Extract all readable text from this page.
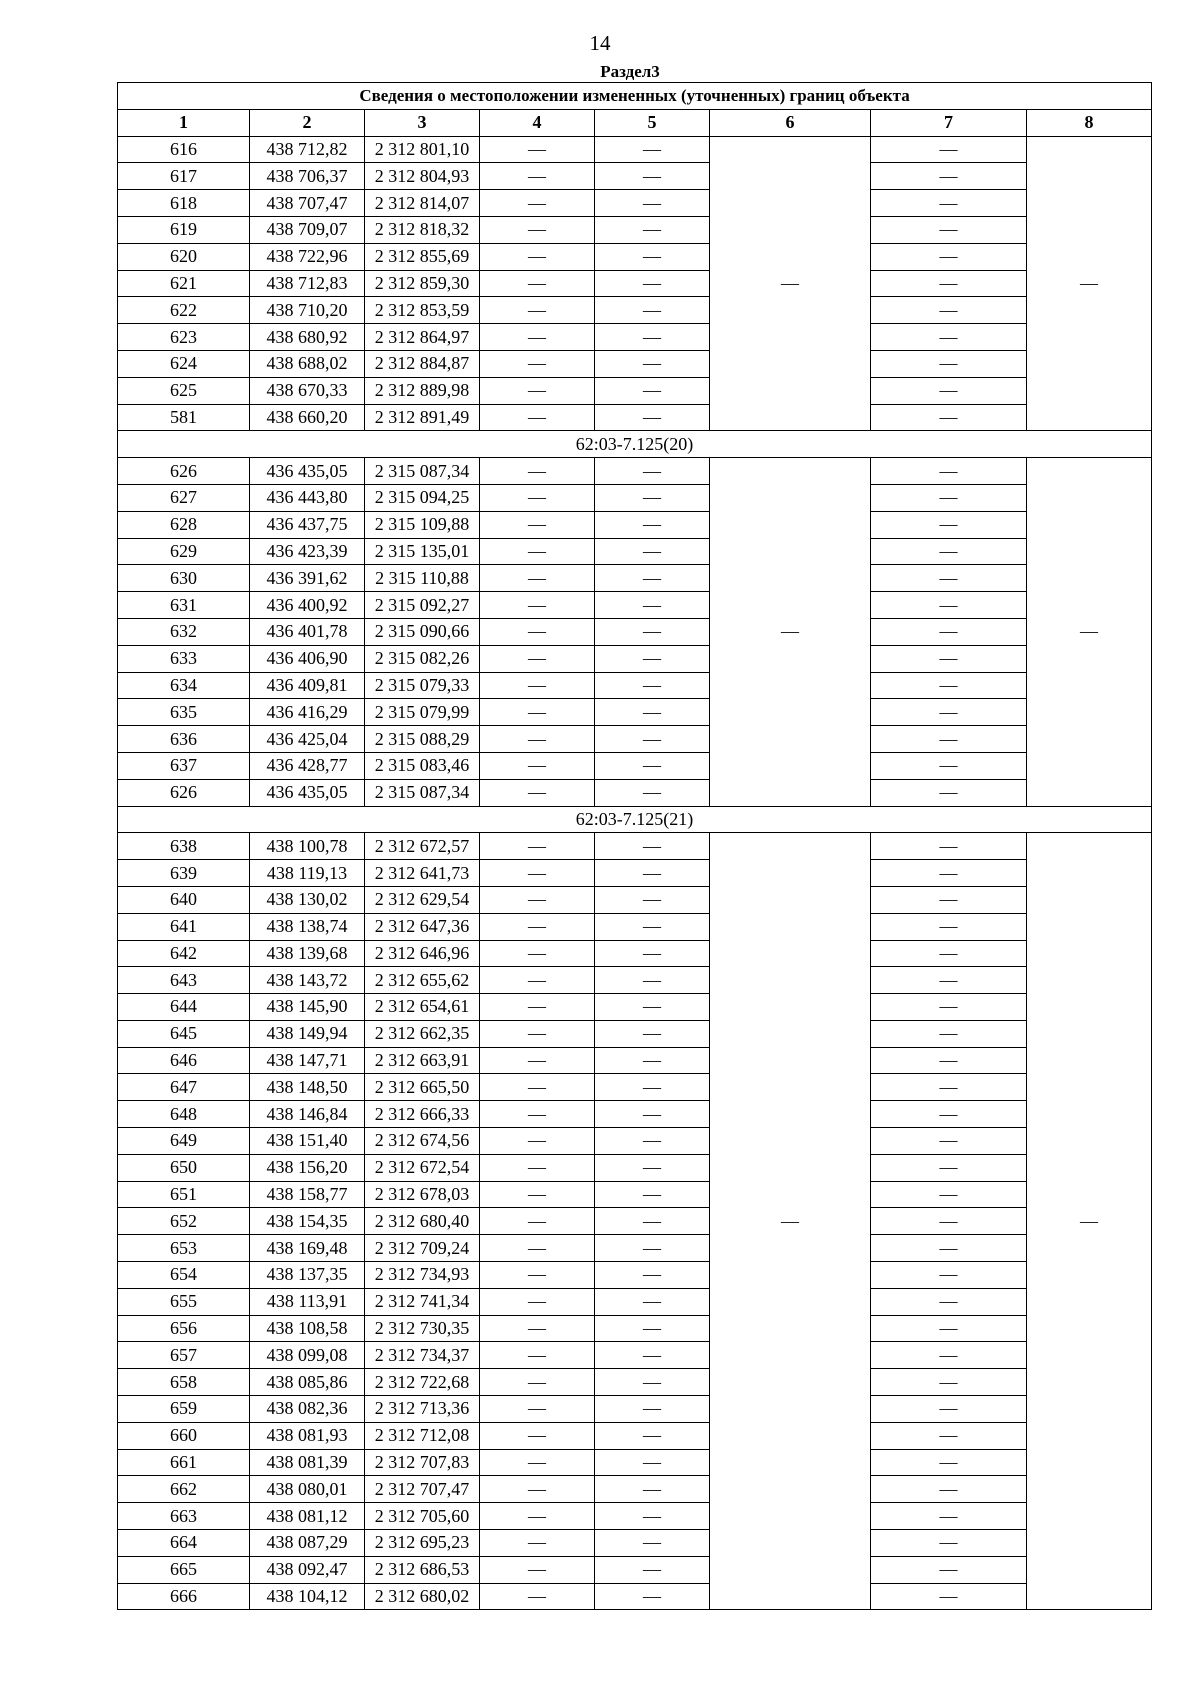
14
Раздел3
Сведения о местоположении измененных (уточненных) границ объекта							
1	2	3	4	5	6	7	8
616	438 712,82	2 312 801,10	—	—	—	—	—
617	438 706,37	2 312 804,93	—	—		—	
618	438 707,47	2 312 814,07	—	—		—	
619	438 709,07	2 312 818,32	—	—		—	
620	438 722,96	2 312 855,69	—	—		—	
621	438 712,83	2 312 859,30	—	—		—	
622	438 710,20	2 312 853,59	—	—		—	
623	438 680,92	2 312 864,97	—	—		—	
624	438 688,02	2 312 884,87	—	—		—	
625	438 670,33	2 312 889,98	—	—		—	
581	438 660,20	2 312 891,49	—	—		—	
62:03-7.125(20)							
626	436 435,05	2 315 087,34	—	—	—	—	—
627	436 443,80	2 315 094,25	—	—		—	
628	436 437,75	2 315 109,88	—	—		—	
629	436 423,39	2 315 135,01	—	—		—	
630	436 391,62	2 315 110,88	—	—		—	
631	436 400,92	2 315 092,27	—	—		—	
632	436 401,78	2 315 090,66	—	—		—	
633	436 406,90	2 315 082,26	—	—		—	
634	436 409,81	2 315 079,33	—	—		—	
635	436 416,29	2 315 079,99	—	—		—	
636	436 425,04	2 315 088,29	—	—		—	
637	436 428,77	2 315 083,46	—	—		—	
626	436 435,05	2 315 087,34	—	—		—	
62:03-7.125(21)							
638	438 100,78	2 312 672,57	—	—	—	—	—
639	438 119,13	2 312 641,73	—	—		—	
640	438 130,02	2 312 629,54	—	—		—	
641	438 138,74	2 312 647,36	—	—		—	
642	438 139,68	2 312 646,96	—	—		—	
643	438 143,72	2 312 655,62	—	—		—	
644	438 145,90	2 312 654,61	—	—		—	
645	438 149,94	2 312 662,35	—	—		—	
646	438 147,71	2 312 663,91	—	—		—	
647	438 148,50	2 312 665,50	—	—		—	
648	438 146,84	2 312 666,33	—	—		—	
649	438 151,40	2 312 674,56	—	—		—	
650	438 156,20	2 312 672,54	—	—		—	
651	438 158,77	2 312 678,03	—	—		—	
652	438 154,35	2 312 680,40	—	—		—	
653	438 169,48	2 312 709,24	—	—		—	
654	438 137,35	2 312 734,93	—	—		—	
655	438 113,91	2 312 741,34	—	—		—	
656	438 108,58	2 312 730,35	—	—		—	
657	438 099,08	2 312 734,37	—	—		—	
658	438 085,86	2 312 722,68	—	—		—	
659	438 082,36	2 312 713,36	—	—		—	
660	438 081,93	2 312 712,08	—	—		—	
661	438 081,39	2 312 707,83	—	—		—	
662	438 080,01	2 312 707,47	—	—		—	
663	438 081,12	2 312 705,60	—	—		—	
664	438 087,29	2 312 695,23	—	—		—	
665	438 092,47	2 312 686,53	—	—		—	
666	438 104,12	2 312 680,02	—	—		—	
